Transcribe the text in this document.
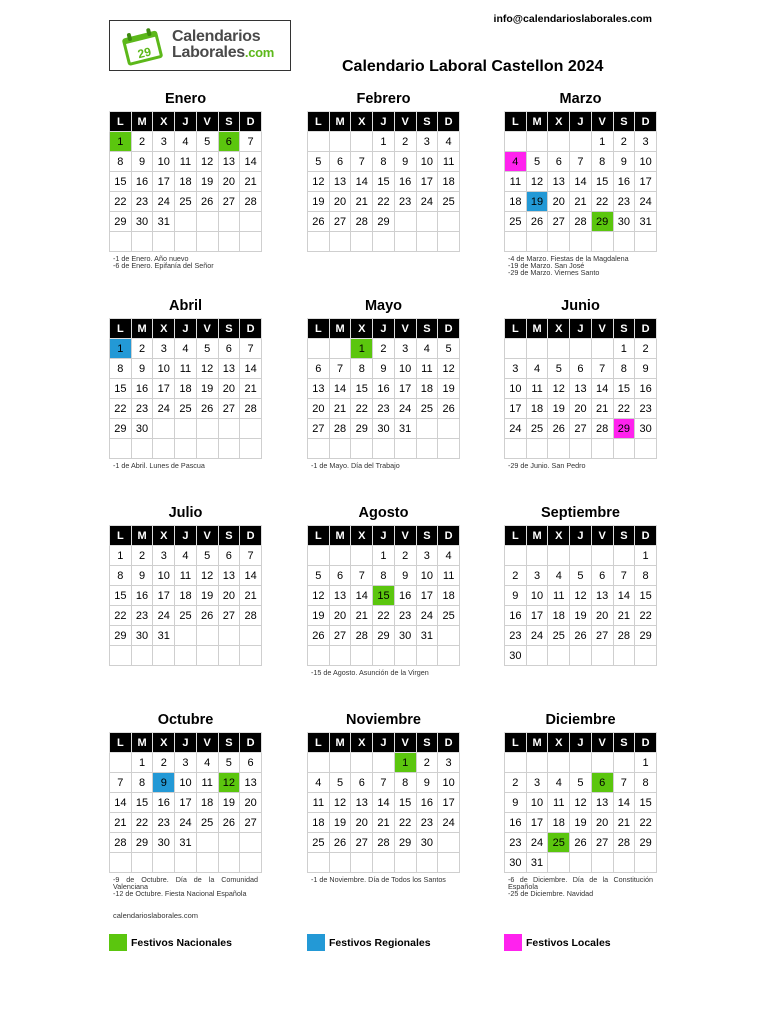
29
Calendarios
Laborales.com
info@calendarioslaborales.com
Calendario Laboral Castellon 2024
Enero
L	M	X	J	V	S	D
1	2	3	4	5	6	7
8	9	10	11	12	13	14
15	16	17	18	19	20	21
22	23	24	25	26	27	28
29	30	31				

-1 de Enero. Año nuevo
-6 de Enero. Epifanía del Señor
Febrero
L	M	X	J	V	S	D
			1	2	3	4
5	6	7	8	9	10	11
12	13	14	15	16	17	18
19	20	21	22	23	24	25
26	27	28	29			

Marzo
L	M	X	J	V	S	D
				1	2	3
4	5	6	7	8	9	10
11	12	13	14	15	16	17
18	19	20	21	22	23	24
25	26	27	28	29	30	31

-4 de Marzo. Fiestas de la Magdalena
-19 de Marzo. San José
-29 de Marzo. Viernes Santo
Abril
L	M	X	J	V	S	D
1	2	3	4	5	6	7
8	9	10	11	12	13	14
15	16	17	18	19	20	21
22	23	24	25	26	27	28
29	30					

-1 de Abril. Lunes de Pascua
Mayo
L	M	X	J	V	S	D
		1	2	3	4	5
6	7	8	9	10	11	12
13	14	15	16	17	18	19
20	21	22	23	24	25	26
27	28	29	30	31		

-1 de Mayo. Día del Trabajo
Junio
L	M	X	J	V	S	D
					1	2
3	4	5	6	7	8	9
10	11	12	13	14	15	16
17	18	19	20	21	22	23
24	25	26	27	28	29	30

-29 de Junio. San Pedro
Julio
L	M	X	J	V	S	D
1	2	3	4	5	6	7
8	9	10	11	12	13	14
15	16	17	18	19	20	21
22	23	24	25	26	27	28
29	30	31				

Agosto
L	M	X	J	V	S	D
			1	2	3	4
5	6	7	8	9	10	11
12	13	14	15	16	17	18
19	20	21	22	23	24	25
26	27	28	29	30	31	

-15 de Agosto. Asunción de la Virgen
Septiembre
L	M	X	J	V	S	D
						1
2	3	4	5	6	7	8
9	10	11	12	13	14	15
16	17	18	19	20	21	22
23	24	25	26	27	28	29
30						
Octubre
L	M	X	J	V	S	D
	1	2	3	4	5	6
7	8	9	10	11	12	13
14	15	16	17	18	19	20
21	22	23	24	25	26	27
28	29	30	31			

-9 de Octubre. Día de la Comunidad Valenciana
-12 de Octubre. Fiesta Nacional Española
Noviembre
L	M	X	J	V	S	D
				1	2	3
4	5	6	7	8	9	10
11	12	13	14	15	16	17
18	19	20	21	22	23	24
25	26	27	28	29	30	

-1 de Noviembre. Día de Todos los Santos
Diciembre
L	M	X	J	V	S	D
						1
2	3	4	5	6	7	8
9	10	11	12	13	14	15
16	17	18	19	20	21	22
23	24	25	26	27	28	29
30	31					
-6 de Diciembre. Día de la Constitución Española
-25 de Diciembre. Navidad
calendarioslaborales.com
Festivos Nacionales	Festivos Regionales	Festivos Locales
